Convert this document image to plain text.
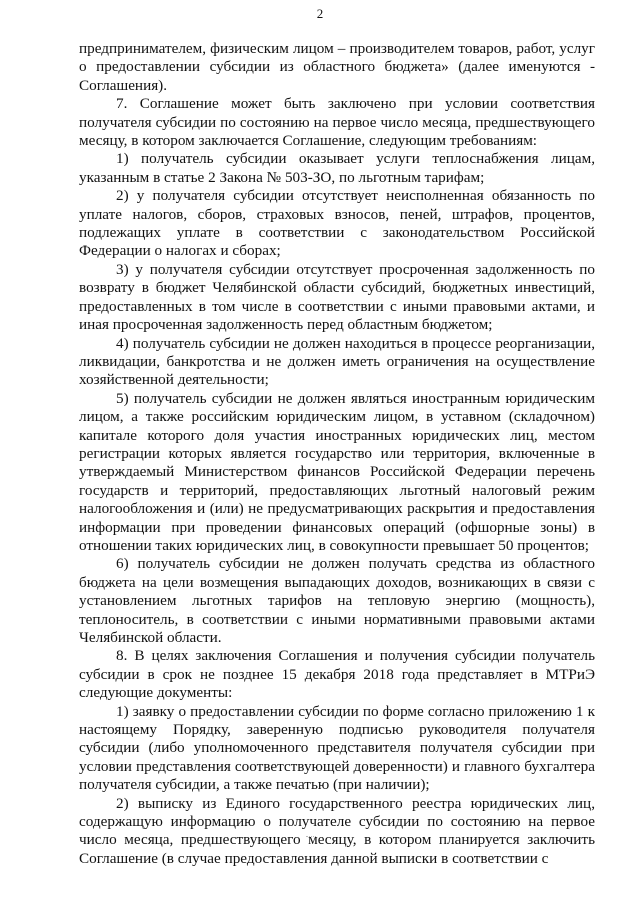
2

предпринимателем, физическим лицом – производителем товаров, работ, услуг о предоставлении субсидии из областного бюджета» (далее именуются - Соглашения).

7. Соглашение может быть заключено при условии соответствия получателя субсидии по состоянию на первое число месяца, предшествующего месяцу, в котором заключается Соглашение, следующим требованиям:

1) получатель субсидии оказывает услуги теплоснабжения лицам, указанным в статье 2 Закона № 503-ЗО, по льготным тарифам;

2) у получателя субсидии отсутствует неисполненная обязанность по уплате налогов, сборов, страховых взносов, пеней, штрафов, процентов, подлежащих уплате в соответствии с законодательством Российской Федерации о налогах и сборах;

3) у получателя субсидии отсутствует просроченная задолженность по возврату в бюджет Челябинской области субсидий, бюджетных инвестиций, предоставленных в том числе в соответствии с иными правовыми актами, и иная просроченная задолженность перед областным бюджетом;

4) получатель субсидии не должен находиться в процессе реорганизации, ликвидации, банкротства и не должен иметь ограничения на осуществление хозяйственной деятельности;

5) получатель субсидии не должен являться иностранным юридическим лицом, а также российским юридическим лицом, в уставном (складочном) капитале которого доля участия иностранных юридических лиц, местом регистрации которых является государство или территория, включенные в утверждаемый Министерством финансов Российской Федерации перечень государств и территорий, предоставляющих льготный налоговый режим налогообложения и (или) не предусматривающих раскрытия и предоставления информации при проведении финансовых операций (офшорные зоны) в отношении таких юридических лиц, в совокупности превышает 50 процентов;

6) получатель субсидии не должен получать средства из областного бюджета на цели возмещения выпадающих доходов, возникающих в связи с установлением льготных тарифов на тепловую энергию (мощность), теплоноситель, в соответствии с иными нормативными правовыми актами Челябинской области.

8. В целях заключения Соглашения и получения субсидии получатель субсидии в срок не позднее 15 декабря 2018 года представляет в МТРиЭ следующие документы:

1) заявку о предоставлении субсидии по форме согласно приложению 1 к настоящему Порядку, заверенную подписью руководителя получателя субсидии (либо уполномоченного представителя получателя субсидии при условии представления соответствующей доверенности) и главного бухгалтера получателя субсидии, а также печатью (при наличии);

2) выписку из Единого государственного реестра юридических лиц, содержащую информацию о получателе субсидии по состоянию на первое число месяца, предшествующего месяцу, в котором планируется заключить Соглашение (в случае предоставления данной выписки в соответствии с
